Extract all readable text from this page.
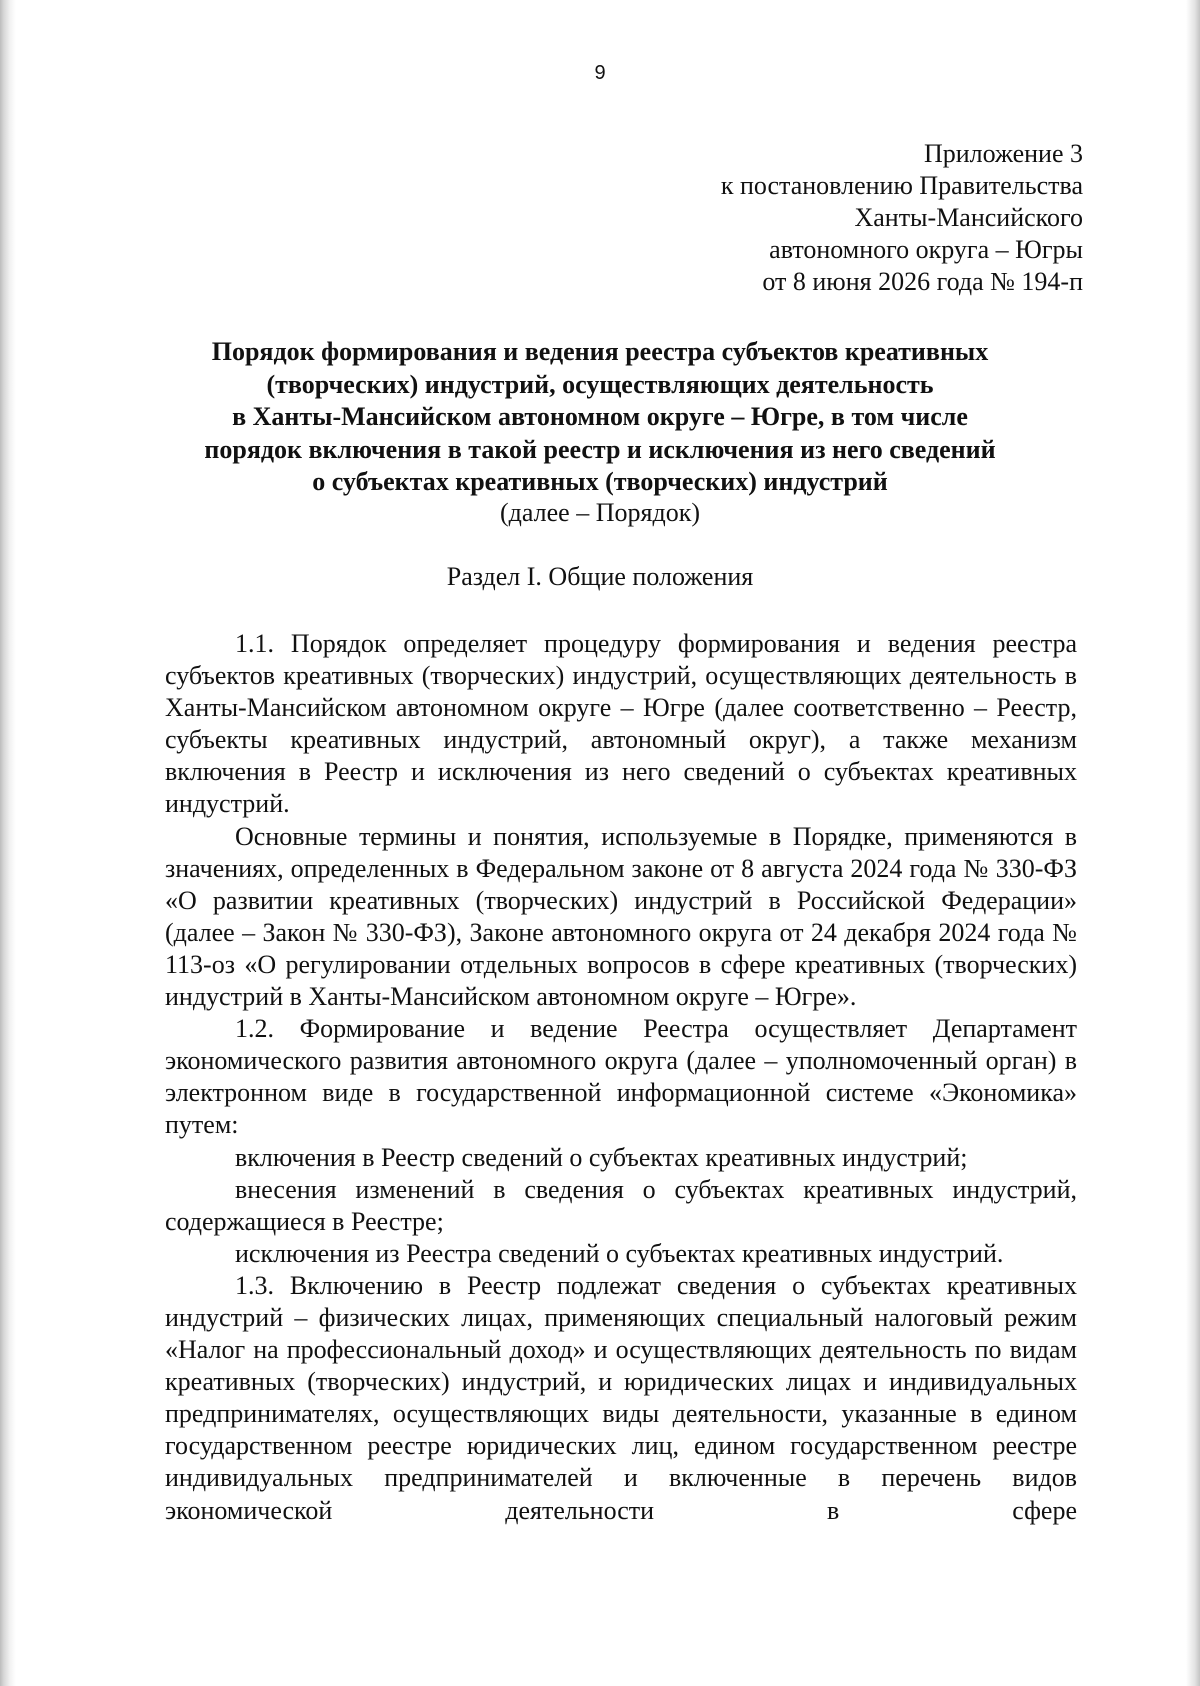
9
Приложение 3
к постановлению Правительства
Ханты-Мансийского
автономного округа – Югры
от 8 июня 2026 года № 194-п
Порядок формирования и ведения реестра субъектов креативных
(творческих) индустрий, осуществляющих деятельность
в Ханты-Мансийском автономном округе – Югре, в том числе
порядок включения в такой реестр и исключения из него сведений
о субъектах креативных (творческих) индустрий
(далее – Порядок)
Раздел I. Общие положения

1.1. Порядок определяет процедуру формирования и ведения реестра субъектов креативных (творческих) индустрий, осуществляющих деятельность в Ханты-Мансийском автономном округе – Югре (далее соответственно – Реестр, субъекты креативных индустрий, автономный округ), а также механизм включения в Реестр и исключения из него сведений о субъектах креативных индустрий.

Основные термины и понятия, используемые в Порядке, применяются в значениях, определенных в Федеральном законе от 8 августа 2024 года № 330-ФЗ «О развитии креативных (творческих) индустрий в Российской Федерации» (далее – Закон № 330-ФЗ), Законе автономного округа от 24 декабря 2024 года № 113-оз «О регулировании отдельных вопросов в сфере креативных (творческих) индустрий в Ханты-Мансийском автономном округе – Югре».

1.2. Формирование и ведение Реестра осуществляет Департамент экономического развития автономного округа (далее – уполномоченный орган) в электронном виде в государственной информационной системе «Экономика» путем:

включения в Реестр сведений о субъектах креативных индустрий;

внесения изменений в сведения о субъектах креативных индустрий, содержащиеся в Реестре;

исключения из Реестра сведений о субъектах креативных индустрий.

1.3. Включению в Реестр подлежат сведения о субъектах креативных индустрий – физических лицах, применяющих специальный налоговый режим «Налог на профессиональный доход» и осуществляющих деятельность по видам креативных (творческих) индустрий, и юридических лицах и индивидуальных предпринимателях, осуществляющих виды деятельности, указанные в едином государственном реестре юридических лиц, едином государственном реестре индивидуальных предпринимателей и включенные в перечень видов экономической деятельности в сфере
